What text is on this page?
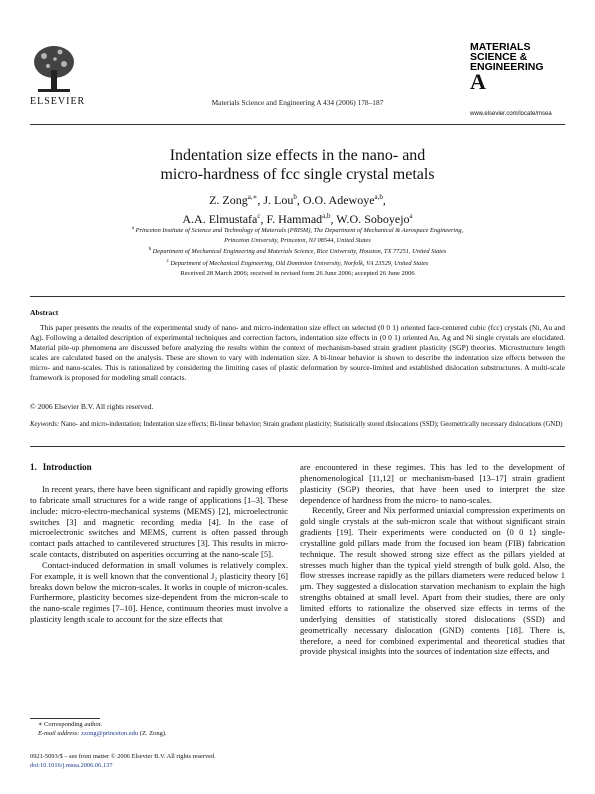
ELSEVIER	Materials Science and Engineering A 434 (2006) 178–187
MATERIALS
SCIENCE &
ENGINEERING
A
www.elsevier.com/locate/msea
Indentation size effects in the nano- and
micro-hardness of fcc single crystal metals
Z. Zong$^{a,∗}$, J. Lou$^b$, O.O. Adewoye$^{a,b}$,
A.A. Elmustafa$^c$, F. Hammad$^{a,b}$, W.O. Soboyejo$^a$
$^a$ Princeton Institute of Science and Technology of Materials (PRISM), The Department of Mechanical & Aerospace Engineering,
Princeton University, Princeton, NJ 08544, United States
$^b$ Department of Mechanical Engineering and Materials Science, Rice University, Houston, TX 77251, United States
$^c$ Department of Mechanical Engineering, Old Dominion University, Norfolk, VA 23529, United States
Received 28 March 2006; received in revised form 26 June 2006; accepted 26 June 2006
Abstract
This paper presents the results of the experimental study of nano- and micro-indentation size effect on selected (0 0 1) oriented face-centered cubic (fcc) crystals (Ni, Au and Ag). Following a detailed description of experimental techniques and correction factors, indentation size effects in (0 0 1) oriented Au, Ag and Ni single crystals are elucidated. Material pile-up phenomena are discussed before analyzing the results within the context of mechanism-based strain gradient plasticity (SGP) theories. Microstructure length scales are calculated based on the analysis. These are shown to vary with indentation size. A bi-linear behavior is shown to describe the indentation size effects between the micro- and nano-scales. This is rationalized by considering the limiting cases of plastic deformation by source-limited and established dislocation substructures. A multi-scale framework is proposed for modeling small contacts.
© 2006 Elsevier B.V. All rights reserved.
Keywords: Nano- and micro-indentation; Indentation size effects; Bi-linear behavior; Strain gradient plasticity; Statistically stored dislocations (SSD); Geometrically necessary dislocations (GND)
1. Introduction

In recent years, there have been significant and rapidly growing efforts to fabricate small structures for a wide range of applications [1–3]. These include: micro-electro-mechanical systems (MEMS) [2], microelectronic switches [3] and magnetic recording media [4]. In the case of microelectronic switches and MEMS, current is often passed through contact pads attached to cantilevered structures [3]. This results in micro-scale contacts, distributed on asperities occurring at the nano-scale [5].

Contact-induced deformation in small volumes is relatively complex. For example, it is well known that the conventional J₂ plasticity theory [6] breaks down below the micron-scales. It works in couple of micron-scales. Furthermore, plasticity becomes size-dependent from the micron-scale to the nano-scale regimes [7–10]. Hence, continuum theories must involve a plasticity length scale to account for the size effects that

are encountered in these regimes. This has led to the development of phenomenological [11,12] or mechanism-based [13–17] strain gradient plasticity (SGP) theories, that have been used to interpret the size dependence of hardness from the micro- to nano-scales.

Recently, Greer and Nix performed uniaxial compression experiments on gold single crystals at the sub-micron scale that without significant strain gradients [19]. Their experiments were conducted on ⟨0 0 1⟩ single-crystalline gold pillars made from the focused ion beam (FIB) fabrication technique. The result showed strong size effect as the pillars yielded at stresses much higher than the typical yield strength of bulk gold. Also, the flow stresses increase rapidly as the pillars diameters were reduced below 1 μm. They suggested a dislocation starvation mechanism to explain the high strengths obtained at small level. Apart from their studies, there are only limited efforts to rationalize the observed size effects in terms of the underlying densities of statistically stored dislocations (SSD) and geometrically necessary dislocation (GND) contents [18]. There is, therefore, a need for combined experimental and theoretical studies that provide physical insights into the sources of indentation size effects, and

∗ Corresponding author.
E-mail address: zzong@princeton.edu (Z. Zong).
0921-5093/$ – see front matter © 2006 Elsevier B.V. All rights reserved.
doi:10.1016/j.msea.2006.06.137
